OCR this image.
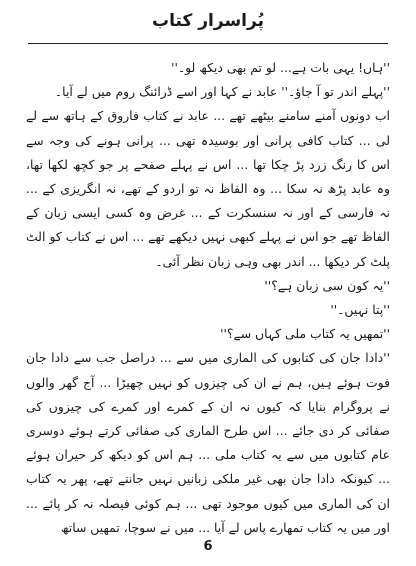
پُراسرار کتاب

''ہاں! یہی بات ہے... لو تم بھی دیکھ لو۔''

''پہلے اندر تو آ جاؤ۔'' عابد نے کہا اور اسے ڈرائنگ روم میں لے آیا۔

اب دونوں آمنے سامنے بیٹھے تھے ... عابد نے کتاب فاروق کے ہاتھ سے لے لی ... کتاب کافی پرانی اور بوسیدہ تھی ... پرانی ہونے کی وجہ سے اس کا رنگ زرد پڑ چکا تھا ... اس نے پہلے صفحے پر جو کچھ لکھا تھا، وہ عابد پڑھ نہ سکا ... وہ الفاظ نہ تو اردو کے تھے، نہ انگریزی کے ... نہ فارسی کے اور نہ سنسکرت کے ... غرض وہ کسی ایسی زبان کے الفاظ تھے جو اس نے پہلے کبھی نہیں دیکھے تھے ... اس نے کتاب کو الٹ پلٹ کر دیکھا ... اندر بھی وہی زبان نظر آئی۔

''یہ کون سی زبان ہے؟''

''پتا نہیں۔''

''تمھیں یہ کتاب ملی کہاں سے؟''

''دادا جان کی کتابوں کی الماری میں سے ... دراصل جب سے دادا جان فوت ہوئے ہیں، ہم نے ان کی چیزوں کو نہیں چھیڑا ... آج گھر والوں نے پروگرام بنایا کہ کیوں نہ ان کے کمرے اور کمرے کی چیزوں کی صفائی کر دی جائے ... اس طرح الماری کی صفائی کرتے ہوئے دوسری عام کتابوں میں سے یہ کتاب ملی ... ہم اس کو دیکھ کر حیران ہوئے ... کیونکہ دادا جان بھی غیر ملکی زبانیں نہیں جانتے تھے، پھر یہ کتاب ان کی الماری میں کیوں موجود تھی ... ہم کوئی فیصلہ نہ کر پائے ... اور میں یہ کتاب تمھارے پاس لے آیا ... میں نے سوچا، تمھیں ساتھ

6
